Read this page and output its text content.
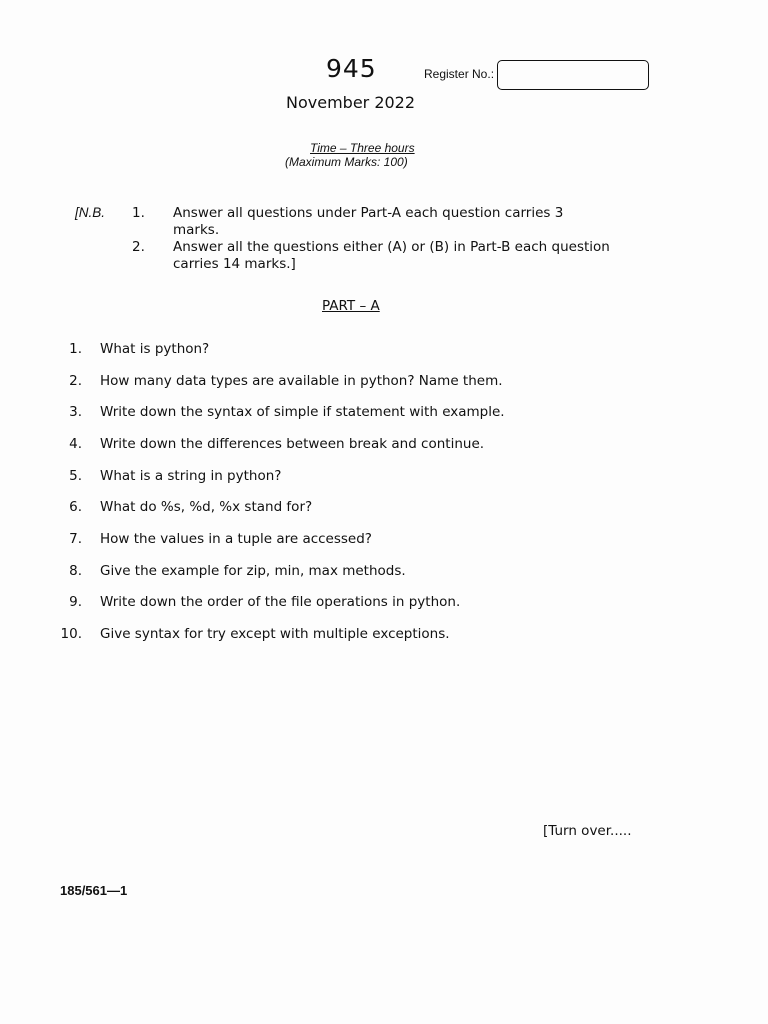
945	Register No.:
November 2022
Time – Three hours
(Maximum Marks: 100)
[N.B. 1. Answer all questions under Part-A each question carries 3 marks.
2. Answer all the questions either (A) or (B) in Part-B each question carries 14 marks.]
PART – A
1. What is python?
2. How many data types are available in python? Name them.
3. Write down the syntax of simple if statement with example.
4. Write down the differences between break and continue.
5. What is a string in python?
6. What do %s, %d, %x stand for?
7. How the values in a tuple are accessed?
8. Give the example for zip, min, max methods.
9. Write down the order of the file operations in python.
10. Give syntax for try except with multiple exceptions.
[Turn over.....
185/561—1
